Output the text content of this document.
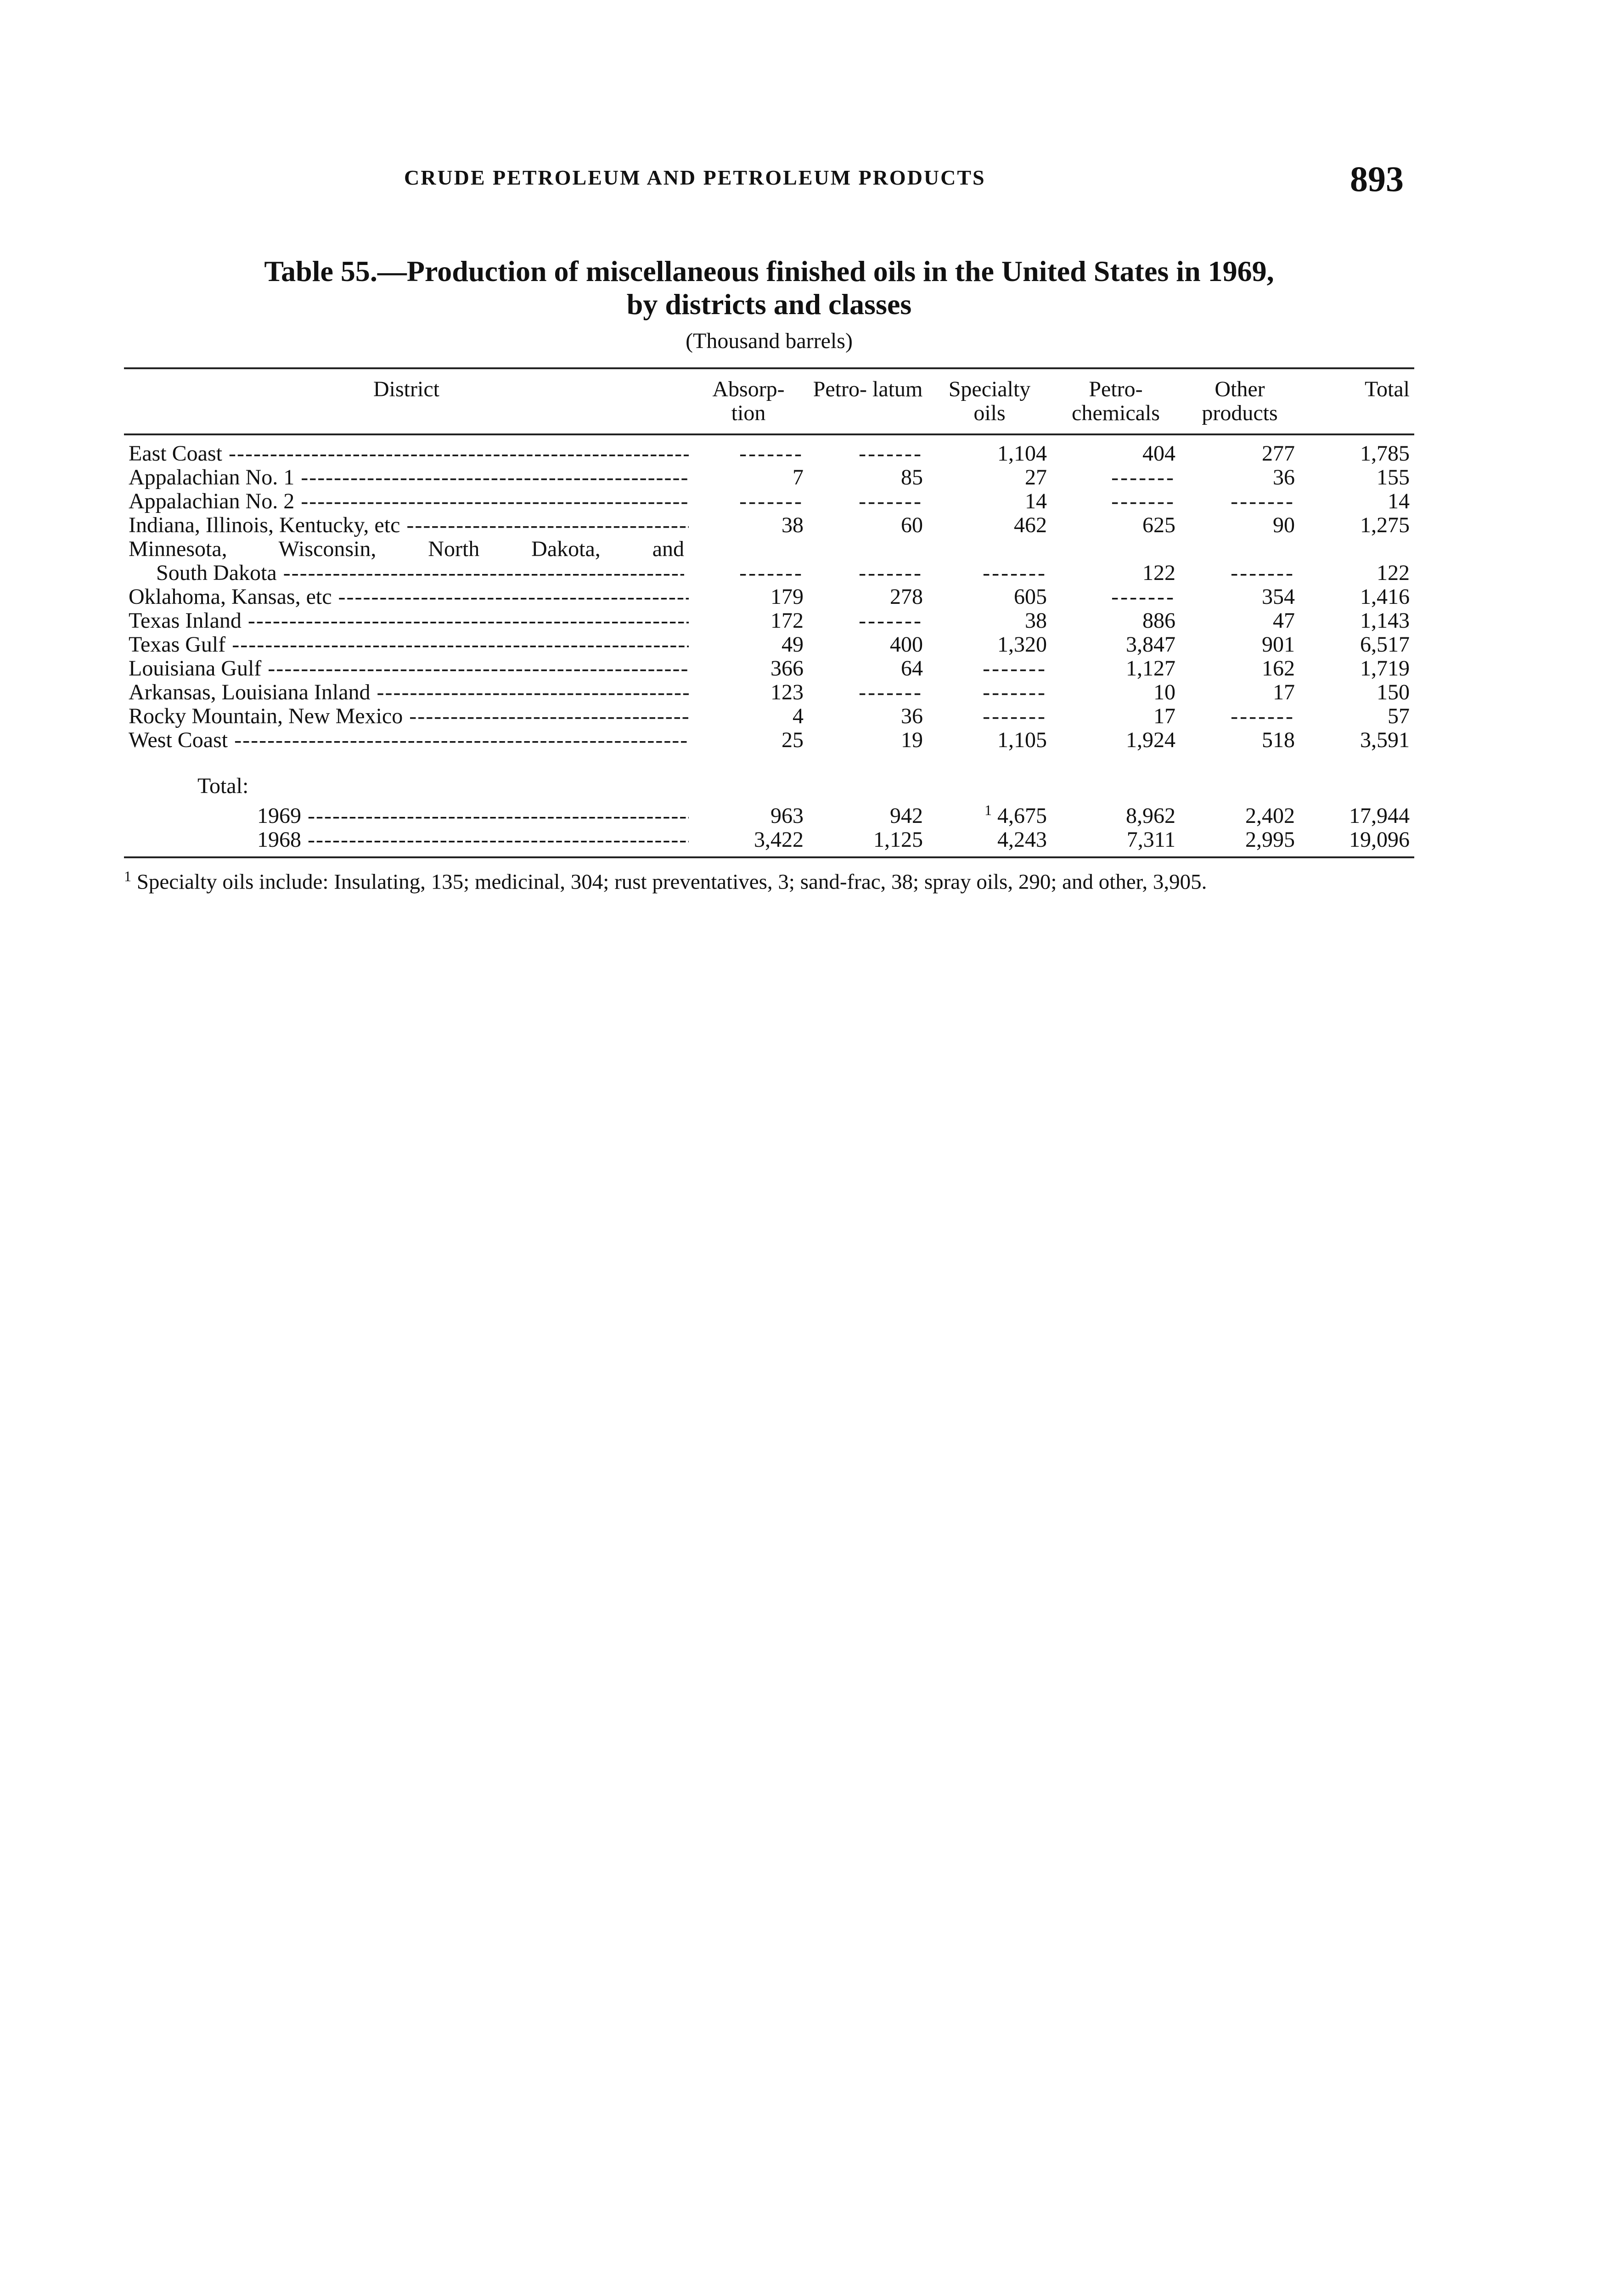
CRUDE PETROLEUM AND PETROLEUM PRODUCTS	893
Table 55.—Production of miscellaneous finished oils in the United States in 1969,
by districts and classes
(Thousand barrels)
District	Absorp- tion	Petro- latum	Specialty oils	Petro- chemicals	Other products	Total
East Coast -----	-------	-------	1,104	404	277	1,785
Appalachian No. 1 -----	7	85	27	-------	36	155
Appalachian No. 2 -----	-------	-------	14	-------	-------	14
Indiana, Illinois, Kentucky, etc -----	38	60	462	625	90	1,275

Minnesota, Wisconsin, North Dakota, and
South Dakota -----	-------	-------	-------	122	-------	122
Oklahoma, Kansas, etc -----	179	278	605	-------	354	1,416
Texas Inland -----	172	-------	38	886	47	1,143
Texas Gulf -----	49	400	1,320	3,847	901	6,517
Louisiana Gulf -----	366	64	-------	1,127	162	1,719
Arkansas, Louisiana Inland -----	123	-------	-------	10	17	150
Rocky Mountain, New Mexico -----	4	36	-------	17	-------	57
West Coast -----	25	19	1,105	1,924	518	3,591

Total:						
1969 -----	963	942	$^1$ 4,675	8,962	2,402	17,944
1968 -----	3,422	1,125	4,243	7,311	2,995	19,096
$^1$ Specialty oils include: Insulating, 135; medicinal, 304; rust preventatives, 3; sand-frac, 38; spray oils, 290; and other, 3,905.
